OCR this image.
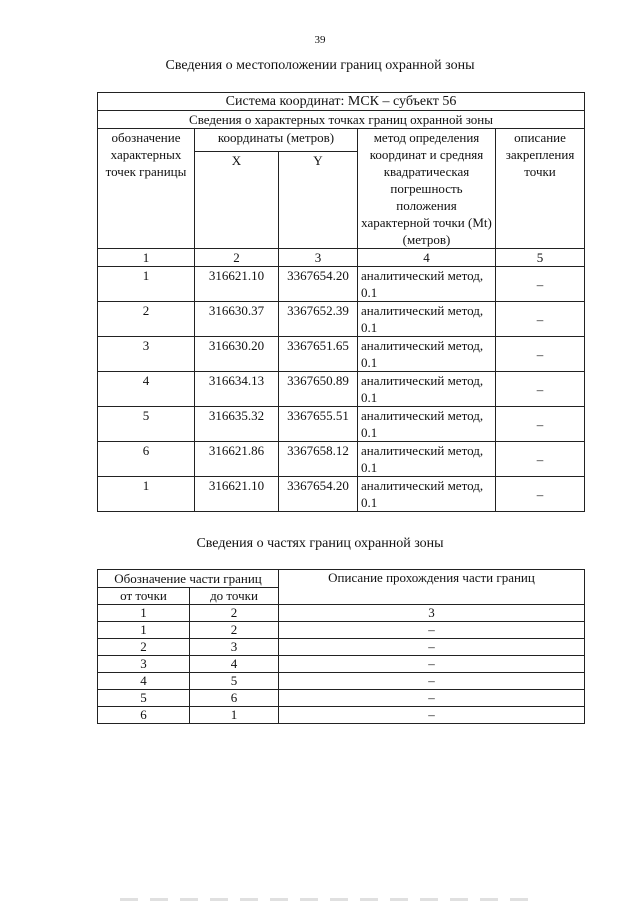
39
Сведения о местоположении границ охранной зоны
Система координат: МСК – субъект 56				
Сведения о характерных точках границ охранной зоны				
обозначение характерных точек границы	координаты (метров)		метод определения координат и средняя квадратическая погрешность положения характерной точки (Mt) (метров)	описание закрепления точки
	X	Y		
1	2	3	4	5
1	316621.10	3367654.20	аналитический метод, 0.1	–
2	316630.37	3367652.39	аналитический метод, 0.1	–
3	316630.20	3367651.65	аналитический метод, 0.1	–
4	316634.13	3367650.89	аналитический метод, 0.1	–
5	316635.32	3367655.51	аналитический метод, 0.1	–
6	316621.86	3367658.12	аналитический метод, 0.1	–
1	316621.10	3367654.20	аналитический метод, 0.1	–
Сведения о частях границ охранной зоны
Обозначение части границ		Описание прохождения части границ
от точки	до точки	
1	2	3
1	2	–
2	3	–
3	4	–
4	5	–
5	6	–
6	1	–
